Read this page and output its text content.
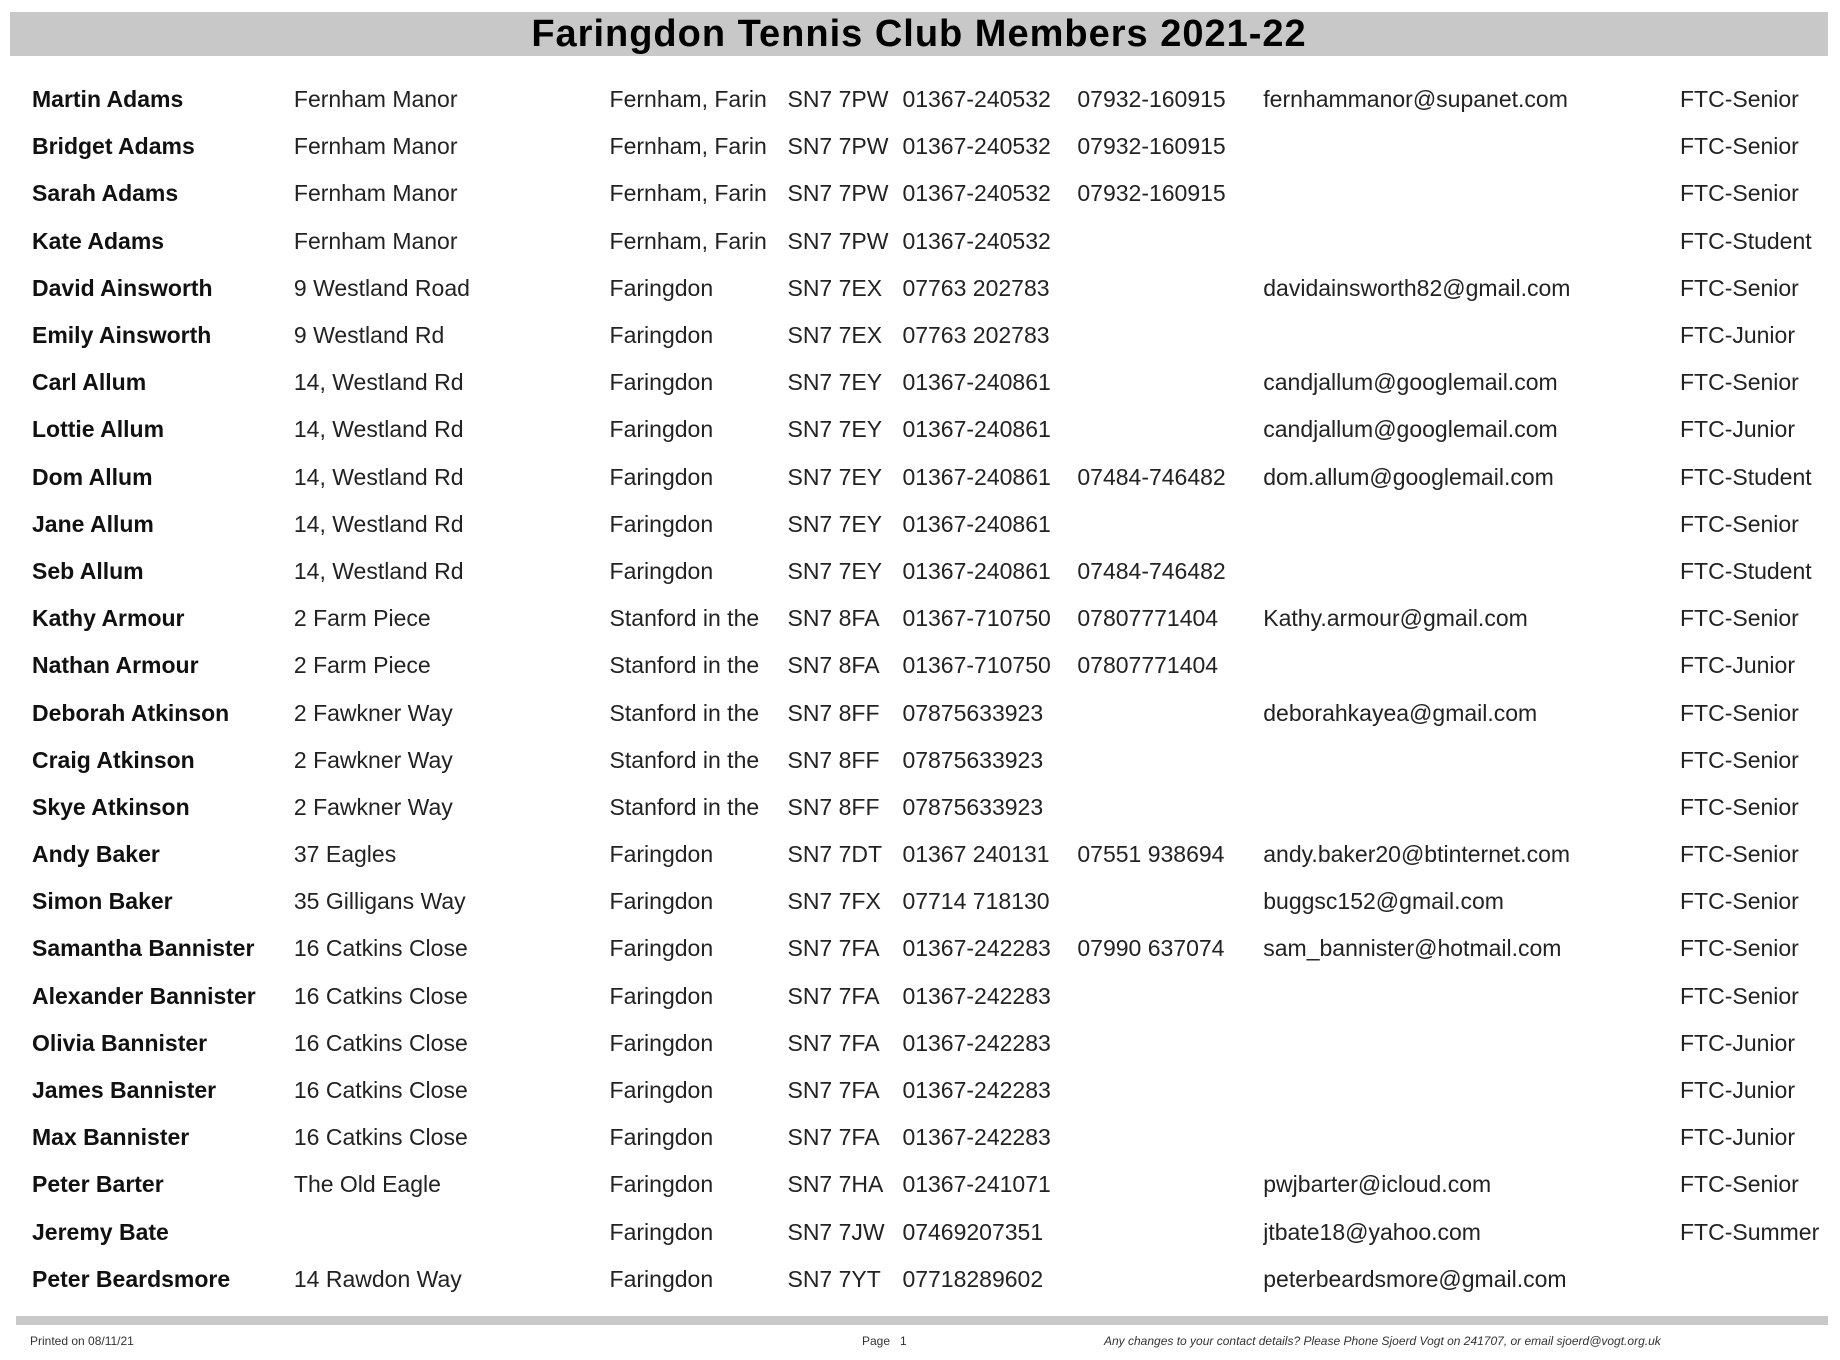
Faringdon Tennis Club Members 2021-22
Martin Adams	Fernham Manor	Fernham, Farin	SN7 7PW	01367-240532	07932-160915	fernhammanor@supanet.com	FTC-Senior
Bridget Adams	Fernham Manor	Fernham, Farin	SN7 7PW	01367-240532	07932-160915		FTC-Senior
Sarah Adams	Fernham Manor	Fernham, Farin	SN7 7PW	01367-240532	07932-160915		FTC-Senior
Kate Adams	Fernham Manor	Fernham, Farin	SN7 7PW	01367-240532			FTC-Student
David Ainsworth	9 Westland Road	Faringdon	SN7 7EX	07763 202783		davidainsworth82@gmail.com	FTC-Senior
Emily Ainsworth	9 Westland Rd	Faringdon	SN7 7EX	07763 202783			FTC-Junior
Carl Allum	14, Westland Rd	Faringdon	SN7 7EY	01367-240861		candjallum@googlemail.com	FTC-Senior
Lottie Allum	14, Westland Rd	Faringdon	SN7 7EY	01367-240861		candjallum@googlemail.com	FTC-Junior
Dom Allum	14, Westland Rd	Faringdon	SN7 7EY	01367-240861	07484-746482	dom.allum@googlemail.com	FTC-Student
Jane Allum	14, Westland Rd	Faringdon	SN7 7EY	01367-240861			FTC-Senior
Seb Allum	14, Westland Rd	Faringdon	SN7 7EY	01367-240861	07484-746482		FTC-Student
Kathy Armour	2 Farm Piece	Stanford in the	SN7 8FA	01367-710750	07807771404	Kathy.armour@gmail.com	FTC-Senior
Nathan Armour	2 Farm Piece	Stanford in the	SN7 8FA	01367-710750	07807771404		FTC-Junior
Deborah Atkinson	2 Fawkner Way	Stanford in the	SN7 8FF	07875633923		deborahkayea@gmail.com	FTC-Senior
Craig Atkinson	2 Fawkner Way	Stanford in the	SN7 8FF	07875633923			FTC-Senior
Skye Atkinson	2 Fawkner Way	Stanford in the	SN7 8FF	07875633923			FTC-Senior
Andy Baker	37 Eagles	Faringdon	SN7 7DT	01367 240131	07551 938694	andy.baker20@btinternet.com	FTC-Senior
Simon Baker	35 Gilligans Way	Faringdon	SN7 7FX	07714 718130		buggsc152@gmail.com	FTC-Senior
Samantha Bannister	16 Catkins Close	Faringdon	SN7 7FA	01367-242283	07990 637074	sam_bannister@hotmail.com	FTC-Senior
Alexander Bannister	16 Catkins Close	Faringdon	SN7 7FA	01367-242283			FTC-Senior
Olivia Bannister	16 Catkins Close	Faringdon	SN7 7FA	01367-242283			FTC-Junior
James Bannister	16 Catkins Close	Faringdon	SN7 7FA	01367-242283			FTC-Junior
Max Bannister	16 Catkins Close	Faringdon	SN7 7FA	01367-242283			FTC-Junior
Peter Barter	The Old Eagle	Faringdon	SN7 7HA	01367-241071		pwjbarter@icloud.com	FTC-Senior
Jeremy Bate		Faringdon	SN7 7JW	07469207351		jtbate18@yahoo.com	FTC-Summer
Peter Beardsmore	14 Rawdon Way	Faringdon	SN7 7YT	07718289602		peterbeardsmore@gmail.com	
Printed on 08/11/21	Page 1	Any changes to your contact details? Please Phone Sjoerd Vogt on 241707, or email sjoerd@vogt.org.uk
